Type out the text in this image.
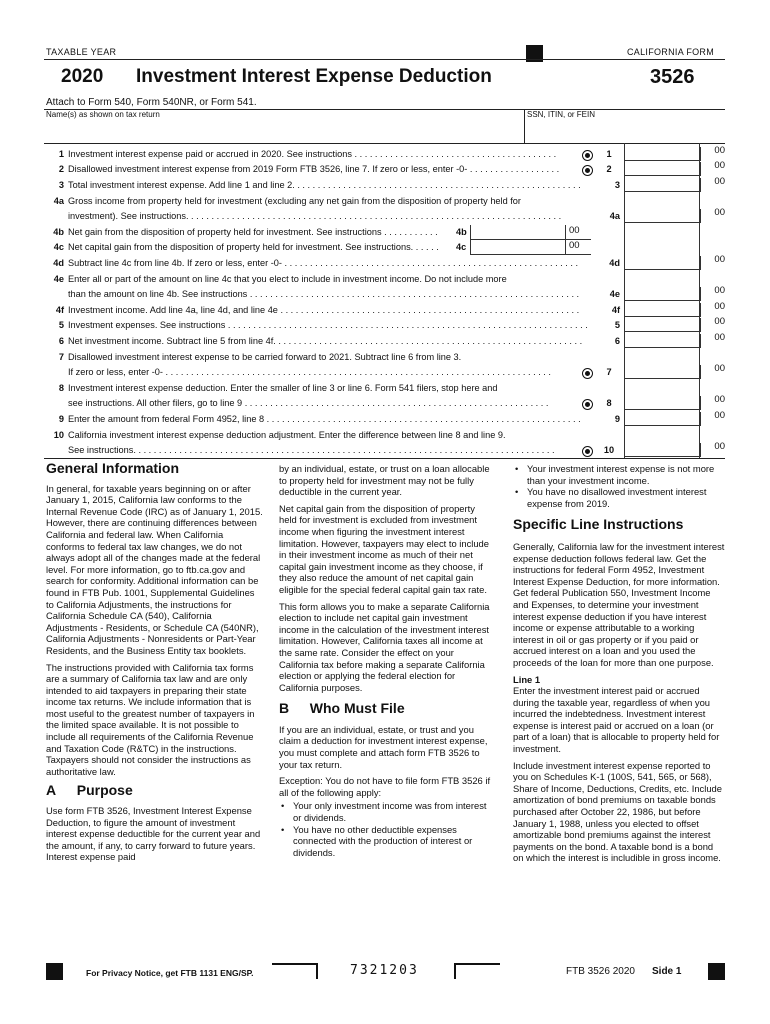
TAXABLE YEAR	CALIFORNIA FORM
2020 Investment Interest Expense Deduction	3526
Attach to Form 540, Form 540NR, or Form 541.
Name(s) as shown on tax return	SSN, ITIN, or FEIN
1 Investment interest expense paid or accrued in 2020. See instructions . . . . . . . . . . . . . . . . . . . . . . . . . . . . . . . . . . . . . . . .	1	00
2 Disallowed investment interest expense from 2019 Form FTB 3526, line 7. If zero or less, enter -0- . . . . . . . . . . . . . . . . . .	2	00
3 Total investment interest expense. Add line 1 and line 2. . . . . . . . . . . . . . . . . . . . . . . . . . . . . . . . . . . . . . . . . . . . . . . . . . . . . . . . .	3	00
4a Gross income from property held for investment (excluding any net gain from the disposition of property held for
investment). See instructions. . . . . . . . . . . . . . . . . . . . . . . . . . . . . . . . . . . . . . . . . . . . . . . . . . . . . . . . . . . . . . . . . . . . . . . . . .	4a	00
4b Net gain from the disposition of property held for investment. See instructions . . . . . . . . . . .	4b	00
4c Net capital gain from the disposition of property held for investment. See instructions. . . . . .	4c	00
4d Subtract line 4c from line 4b. If zero or less, enter -0- . . . . . . . . . . . . . . . . . . . . . . . . . . . . . . . . . . . . . . . . . . . . . . . . . . . . . . . . . .	4d	00
4e Enter all or part of the amount on line 4c that you elect to include in investment income. Do not include more
than the amount on line 4b. See instructions . . . . . . . . . . . . . . . . . . . . . . . . . . . . . . . . . . . . . . . . . . . . . . . . . . . . . . . . . . . . . . . . .	4e	00
4f Investment income. Add line 4a, line 4d, and line 4e . . . . . . . . . . . . . . . . . . . . . . . . . . . . . . . . . . . . . . . . . . . . . . . . . . . . . . . . . . .	4f	00
5 Investment expenses. See instructions . . . . . . . . . . . . . . . . . . . . . . . . . . . . . . . . . . . . . . . . . . . . . . . . . . . . . . . . . . . . . . . . . . . . . . .	5	00
6 Net investment income. Subtract line 5 from line 4f. . . . . . . . . . . . . . . . . . . . . . . . . . . . . . . . . . . . . . . . . . . . . . . . . . . . . . . . . . . . .	6	00
7 Disallowed investment interest expense to be carried forward to 2021. Subtract line 6 from line 3.
If zero or less, enter -0- . . . . . . . . . . . . . . . . . . . . . . . . . . . . . . . . . . . . . . . . . . . . . . . . . . . . . . . . . . . . . . . . . . . . . . . . . . . .	7	00
8 Investment interest expense deduction. Enter the smaller of line 3 or line 6. Form 541 filers, stop here and
see instructions. All other filers, go to line 9 . . . . . . . . . . . . . . . . . . . . . . . . . . . . . . . . . . . . . . . . . . . . . . . . . . . . . . . . . . . .	8	00
9 Enter the amount from federal Form 4952, line 8 . . . . . . . . . . . . . . . . . . . . . . . . . . . . . . . . . . . . . . . . . . . . . . . . . . . . . . . . . . . . . .	9	00
10 California investment interest expense deduction adjustment. Enter the difference between line 8 and line 9.
See instructions. . . . . . . . . . . . . . . . . . . . . . . . . . . . . . . . . . . . . . . . . . . . . . . . . . . . . . . . . . . . . . . . . . . . . . . . . . . . . . . . . . .	10	00
General Information

In general, for taxable years beginning on or after January 1, 2015, California law conforms to the Internal Revenue Code (IRC) as of January 1, 2015. However, there are continuing differences between California and federal law. When California conforms to federal tax law changes, we do not always adopt all of the changes made at the federal level. For more information, go to ftb.ca.gov and search for conformity. Additional information can be found in FTB Pub. 1001, Supplemental Guidelines to California Adjustments, the instructions for California Schedule CA (540), California Adjustments - Residents, or Schedule CA (540NR), California Adjustments - Nonresidents or Part-Year Residents, and the Business Entity tax booklets.

The instructions provided with California tax forms are a summary of California tax law and are only intended to aid taxpayers in preparing their state income tax returns. We include information that is most useful to the greatest number of taxpayers in the limited space available. It is not possible to include all requirements of the California Revenue and Taxation Code (R&TC) in the instructions. Taxpayers should not consider the instructions as authoritative law.

A Purpose

Use form FTB 3526, Investment Interest Expense Deduction, to figure the amount of investment interest expense deductible for the current year and the amount, if any, to carry forward to future years. Interest expense paid

by an individual, estate, or trust on a loan allocable to property held for investment may not be fully deductible in the current year.

Net capital gain from the disposition of property held for investment is excluded from investment income when figuring the investment interest limitation. However, taxpayers may elect to include in their investment income as much of their net capital gain investment income as they choose, if they also reduce the amount of net capital gain eligible for the special federal capital gain tax rate.

This form allows you to make a separate California election to include net capital gain investment income in the calculation of the investment interest limitation. However, California taxes all income at the same rate. Consider the effect on your California tax before making a separate California election or applying the federal election for California purposes.

B Who Must File

If you are an individual, estate, or trust and you claim a deduction for investment interest expense, you must complete and attach form FTB 3526 to your tax return.

Exception: You do not have to file form FTB 3526 if all of the following apply:

• Your only investment income was from interest or dividends.
• You have no other deductible expenses connected with the production of interest or dividends.
• Your investment interest expense is not more than your investment income.
• You have no disallowed investment interest expense from 2019.
Specific Line Instructions

Generally, California law for the investment interest expense deduction follows federal law. Get the instructions for federal Form 4952, Investment Interest Expense Deduction, for more information. Get federal Publication 550, Investment Income and Expenses, to determine your investment interest expense deduction if you have interest income or expense attributable to a working interest in oil or gas property or if you paid or accrued interest on a loan and you used the proceeds of the loan for more than one purpose.

Line 1

Enter the investment interest paid or accrued during the taxable year, regardless of when you incurred the indebtedness. Investment interest expense is interest paid or accrued on a loan (or part of a loan) that is allocable to property held for investment.

Include investment interest expense reported to you on Schedules K-1 (100S, 541, 565, or 568), Share of Income, Deductions, Credits, etc. Include amortization of bond premiums on taxable bonds purchased after October 22, 1986, but before January 1, 1988, unless you elected to offset amortizable bond premiums against the interest payments on the bond. A taxable bond is a bond on which the interest is includible in gross income.

For Privacy Notice, get FTB 1131 ENG/SP.	7321203	FTB 3526 2020 Side 1
